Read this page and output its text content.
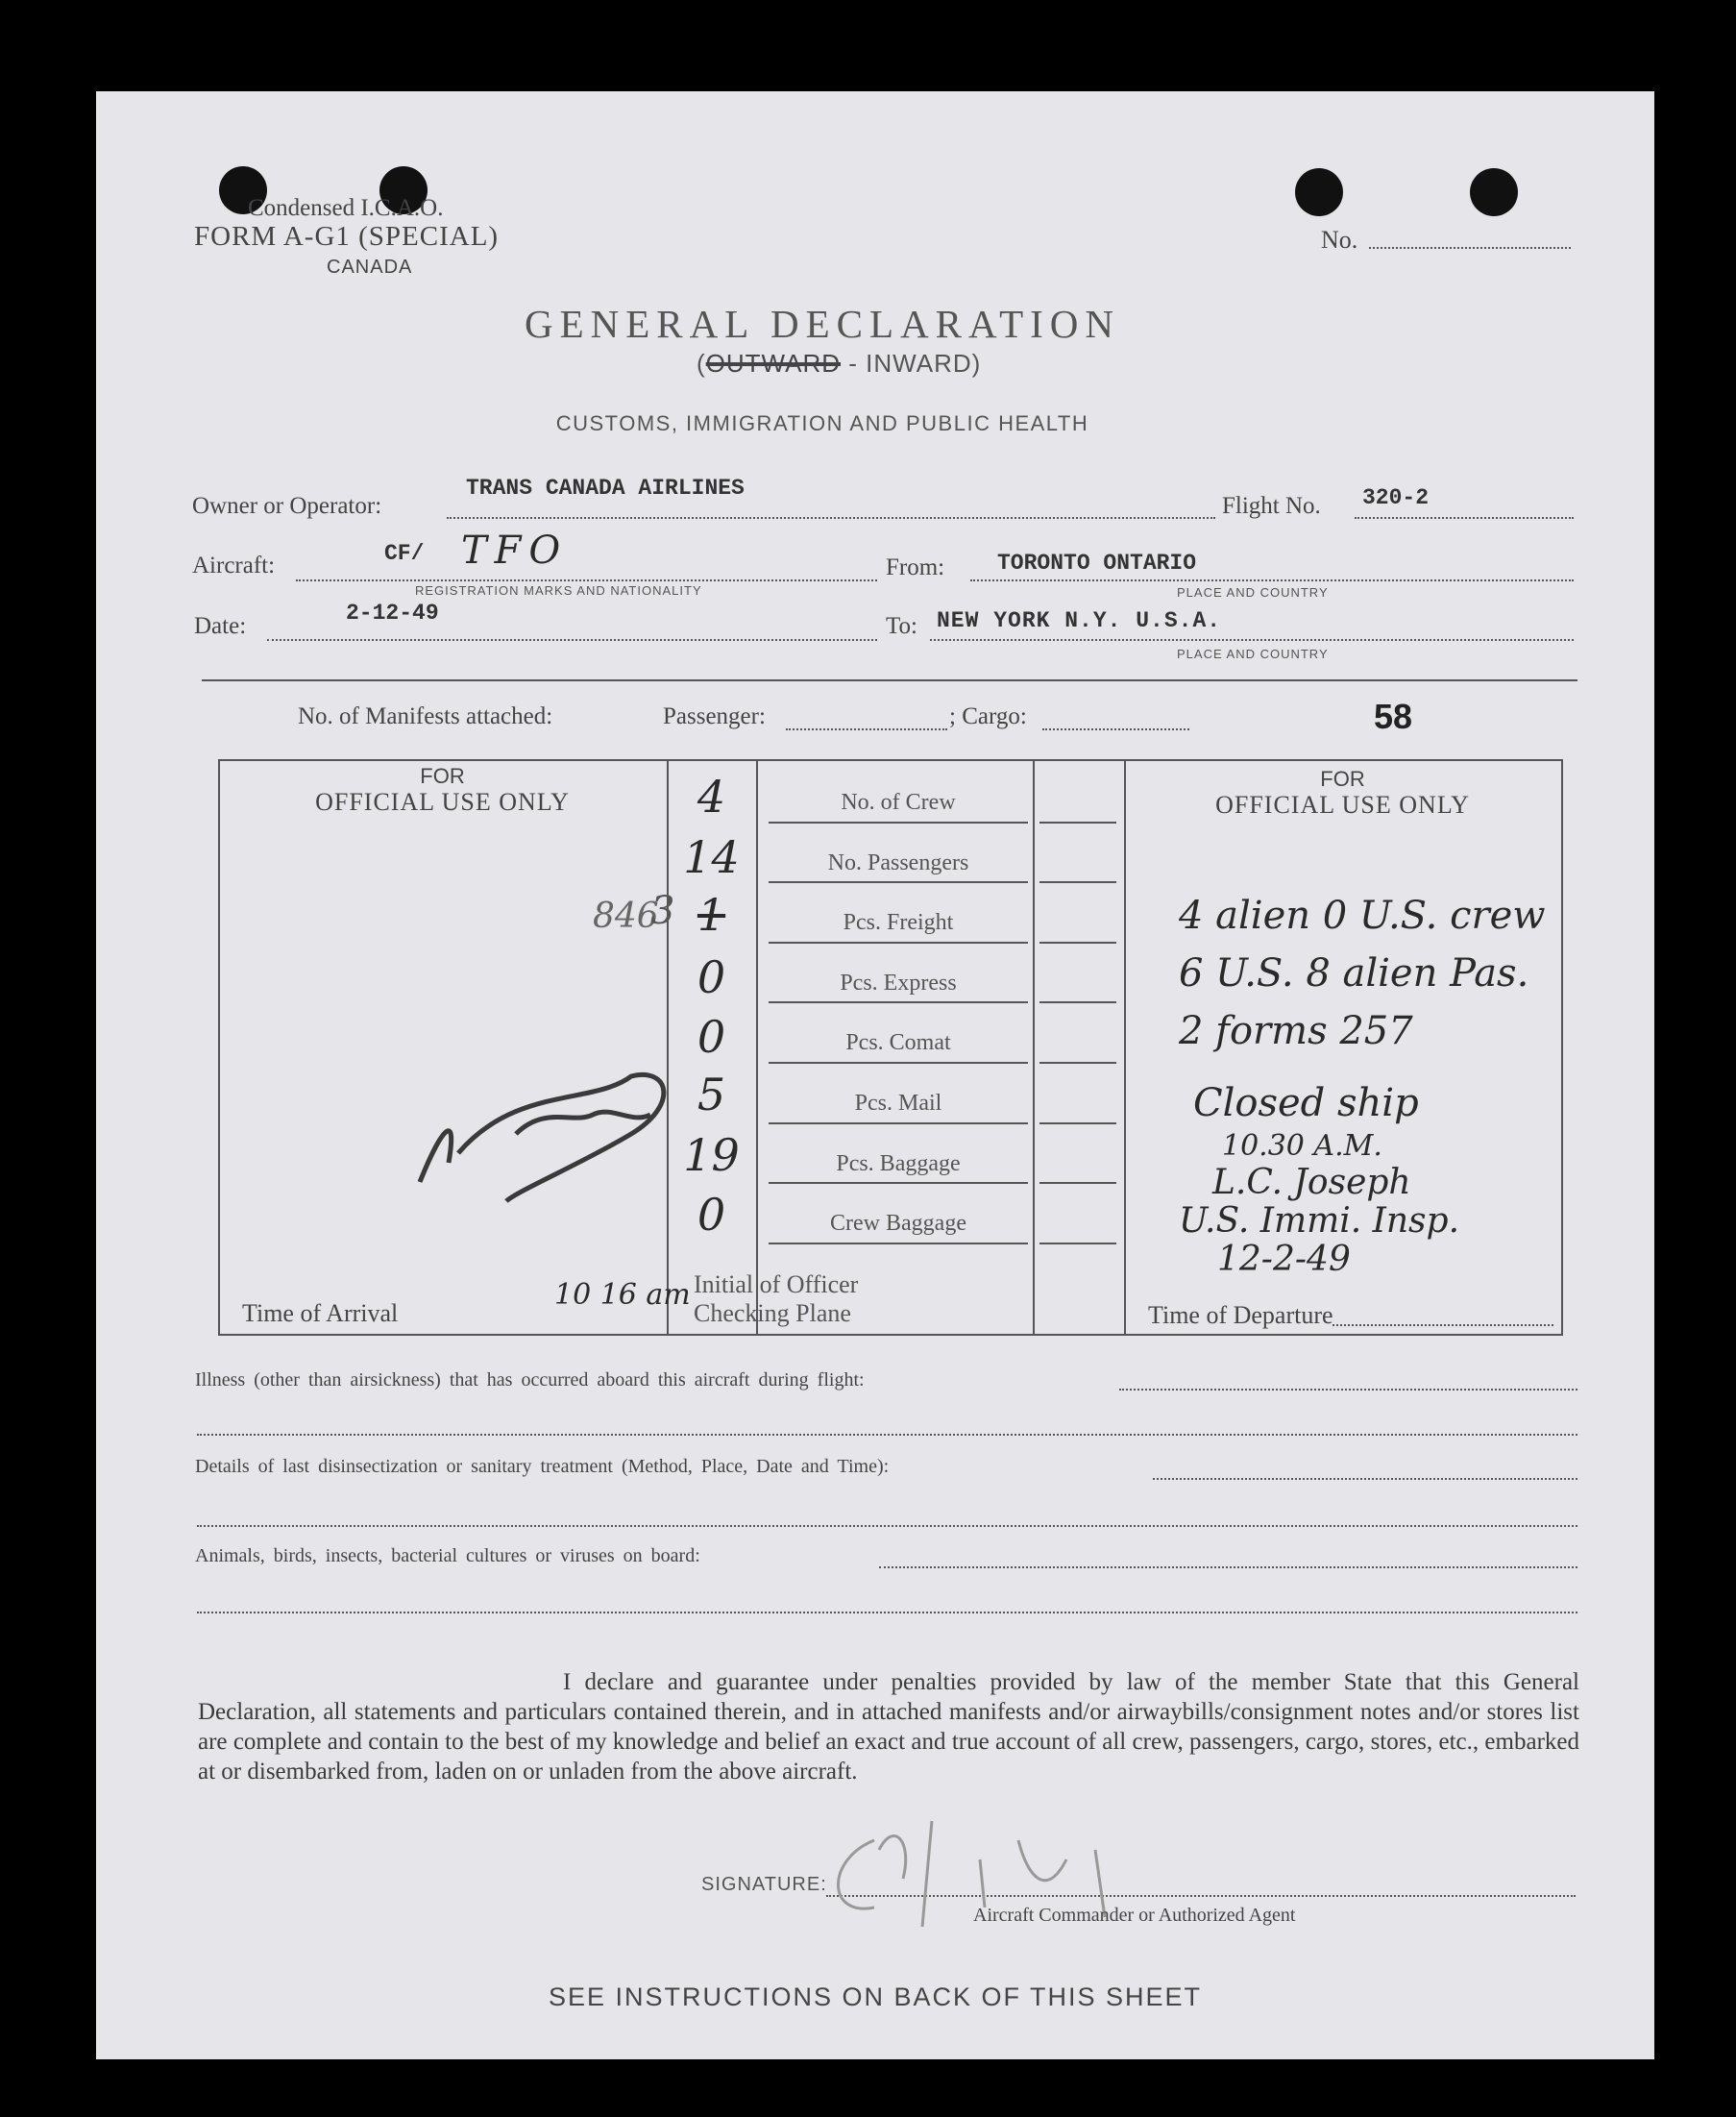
Condensed I.C.A.O.
FORM A-G1 (SPECIAL)
CANADA
No.
GENERAL DECLARATION
(OUTWARD - INWARD)
CUSTOMS, IMMIGRATION AND PUBLIC HEALTH
Owner or Operator:
TRANS CANADA AIRLINES
Flight No. 320-2
Aircraft:	CF/ TFO
REGISTRATION MARKS AND NATIONALITY
From: TORONTO ONTARIO
PLACE AND COUNTRY
Date:	2-12-49	To: NEW YORK N.Y. U.S.A.
PLACE AND COUNTRY
No. of Manifests attached:	Passenger:	; Cargo:	58
FOR
OFFICIAL USE ONLY
FOR
OFFICIAL USE ONLY
4	No. of Crew
14	No. Passengers
846
3 1	Pcs. Freight
0	Pcs. Express
0	Pcs. Comat
5	Pcs. Mail
19	Pcs. Baggage
0	Crew Baggage
Time of Arrival
10 16 am Initial of Officer
Checking Plane	Time of Departure
4 alien 0 U.S. crew
6 U.S. 8 alien Pas.
2 forms 257
Closed ship
10.30 A.M.
L.C. Joseph
U.S. Immi. Insp.
12-2-49
Illness (other than airsickness) that has occurred aboard this aircraft during flight:
Details of last disinsectization or sanitary treatment (Method, Place, Date and Time):
Animals, birds, insects, bacterial cultures or viruses on board:
I declare and guarantee under penalties provided by law of the member State that this General Declaration, all statements and particulars contained therein, and in attached manifests and/or airwaybills/consignment notes and/or stores list are complete and contain to the best of my knowledge and belief an exact and true account of all crew, passengers, cargo, stores, etc., embarked at or disembarked from, laden on or unladen from the above aircraft.
SIGNATURE:
Aircraft Commander or Authorized Agent
SEE INSTRUCTIONS ON BACK OF THIS SHEET
